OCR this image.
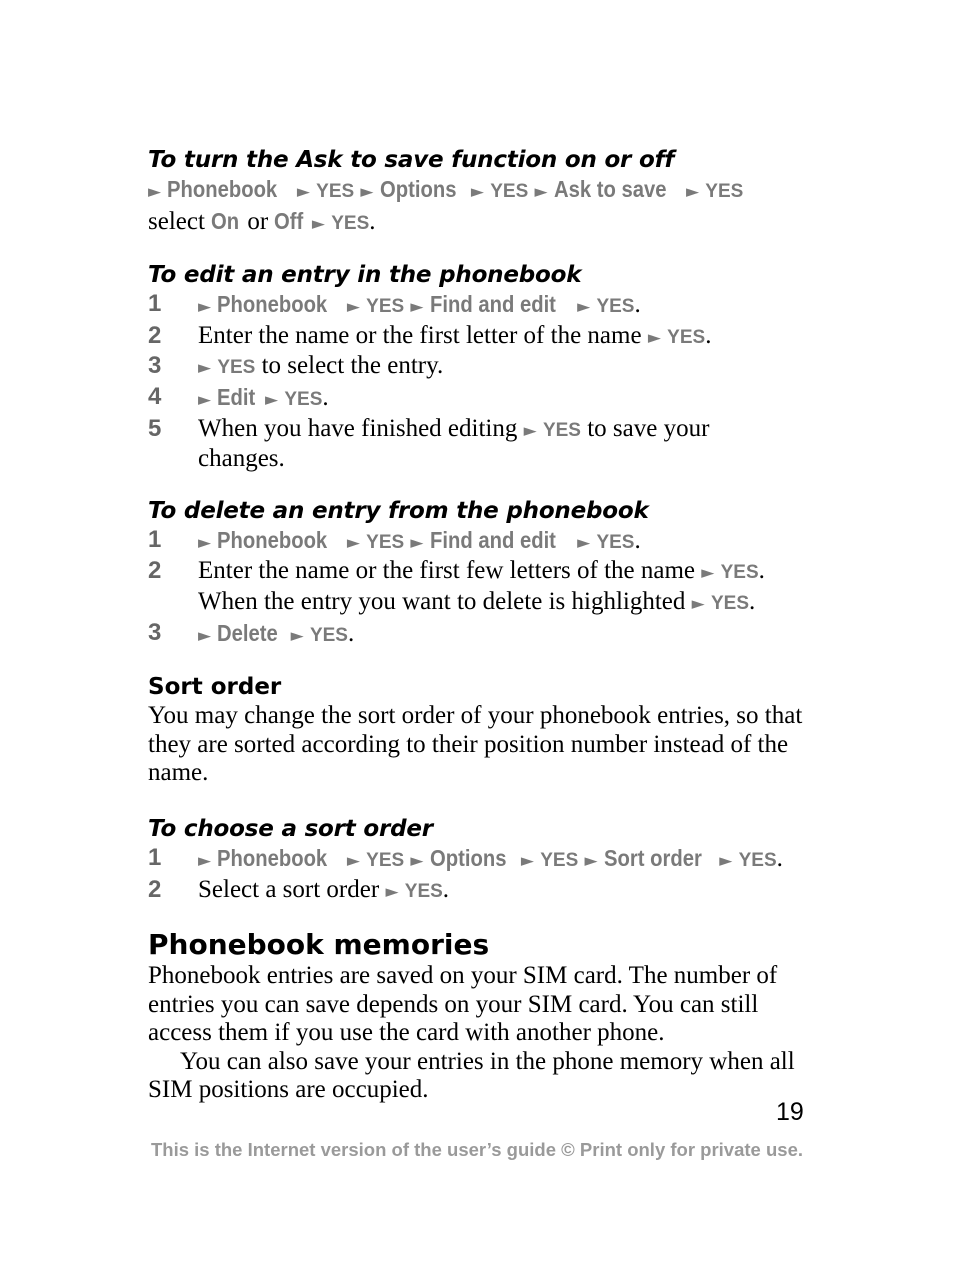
To turn the Ask to save function on or off
► Phonebook ► YES ► Options ► YES ► Ask to save ► YES
select On or Off ► YES.
To edit an entry in the phonebook
1	► Phonebook ► YES ► Find and edit ► YES.
2	Enter the name or the first letter of the name ► YES.
3	► YES to select the entry.
4	► Edit ► YES.
5	When you have finished editing ► YES to save your
changes.
To delete an entry from the phonebook
1	► Phonebook ► YES ► Find and edit ► YES.
2	Enter the name or the first few letters of the name ► YES.
When the entry you want to delete is highlighted ► YES.
3	► Delete ► YES.
Sort order

You may change the sort order of your phonebook entries, so that they are sorted according to their position number instead of the name.

To choose a sort order
1	► Phonebook ► YES ► Options ► YES ► Sort order ► YES.
2	Select a sort order ► YES.
Phonebook memories

Phonebook entries are saved on your SIM card. The number of entries you can save depends on your SIM card. You can still access them if you use the card with another phone.

You can also save your entries in the phone memory when all SIM positions are occupied.

19
This is the Internet version of the user’s guide © Print only for private use.
